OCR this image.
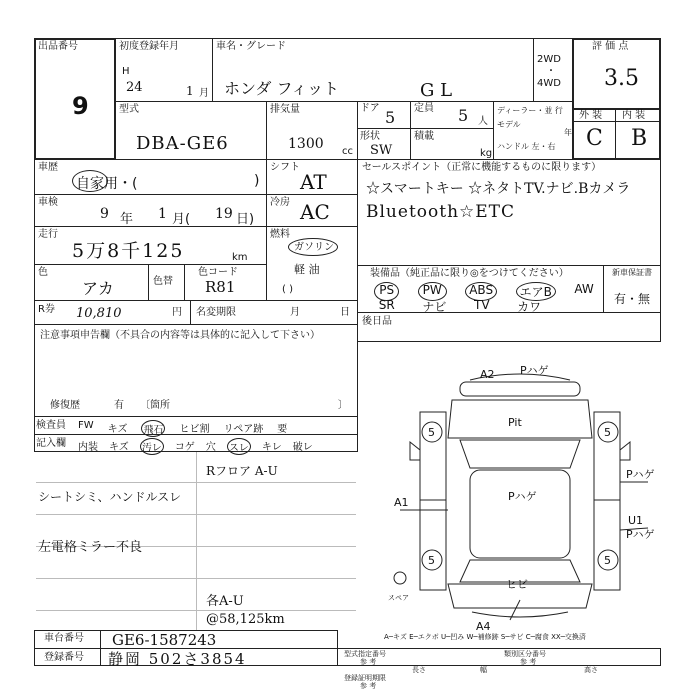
出品番号
9
初度登録年月
H
24	1 月
車名・グレード
ホンダ フィット	G L
2WD
・
4WD
評 価 点
3.5
外 装 内 装
C B
型式
DBA-GE6
排気量
1300 cc
ドア 5
形状
SW
定員 5 人
積載
kg
ディーラー・並 行
モデル
年
ハンドル 左・右
車歴
自家用・(	)
シフト
AT
車検
9 年 1 月( 19 日)
冷房 AC
走行
5万8千125	km
燃料
ガソリン
軽 油
( )
色
アカ	色替
色コード
R81
R券 10,810	円 名変期限	月	日
注意事項申告欄（不具合の内容等は具体的に記入して下さい）
修復歴	有 〔箇所	〕
検査員
記入欄
FW キズ 飛石 ヒビ割 リペア跡 要
内装 キズ 汚レ コゲ 穴 スレ キレ 破レ
Rフロア A-U
シートシミ、ハンドルスレ
左電格ミラー不良
各A-U
@58,125km
セールスポイント（正常に機能するものに限ります）
☆スマートキー ☆ネタトTV.ナビ.Bカメラ
Bluetooth☆ETC
装備品（純正品に限り◎をつけてください）
PS	PW	ABS	エアB	AW
SR ナビ TV カワ
新車保証書
有・無
後日品
A2 Pハゲ
Pit
Pハゲ
Pハゲ
A1
U1
Pハゲ
ヒビ
A4
スペア
5	5
5	5
A─キズ E─エクボ U─凹み W─補修跡 S─サビ C─腐食 XX─交換済
車台番号 GE6-1587243
登録番号 静岡 502さ3854	型式指定番号
参 考
類別区分番号
参 考
長さ	幅	高さ
登録証明期限
参 考
